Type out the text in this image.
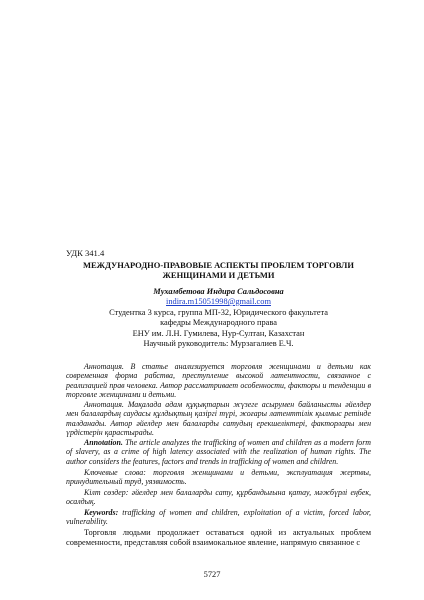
УДК 341.4
МЕЖДУНАРОДНО-ПРАВОВЫЕ АСПЕКТЫ ПРОБЛЕМ ТОРГОВЛИ
ЖЕНЩИНАМИ И ДЕТЬМИ
Мухамбетова Индира Сальдосовна
indira.m15051998@gmail.com
Студентка 3 курса, группа МП-32, Юридического факультета
кафедры Международного права
ЕНУ им. Л.Н. Гумилева, Нур-Султан, Казахстан
Научный руководитель: Мурзагалиев Е.Ч.
Аннотация. В статье анализируется торговля женщинами и детьми как современная форма рабства, преступление высокой латентности, связанное с реализацией прав человека. Автор рассматривает особенности, факторы и тенденции в торговле женщинами и детьми.
Аннотация. Мақалада адам құқықтарын жүзеге асырумен байланысты әйелдер мен балалардың саудасы құлдықтың қазіргі түрі, жоғары латенттілік қылмыс ретінде талданады. Автор әйелдер мен балаларды сатудың ерекшеліктері, факторлары мен үрдістерін қарастырады.
Annotation. The article analyzes the trafficking of women and children as a modern form of slavery, as a crime of high latency associated with the realization of human rights. The author considers the features, factors and trends in trafficking of women and children.
Ключевые слова: торговля женщинами и детьми, эксплуатация жертвы, принудительный труд, уязвимость.
Кілт сөздер: әйелдер мен балаларды сату, құрбандығына қатау, мәжбүрлі еңбек, осалдық.
Keywords: trafficking of women and children, exploitation of a victim, forced labor, vulnerability.
Торговля людьми продолжает оставаться одной из актуальных проблем современности, представляя собой взаимокальное явление, напрямую связанное с
5727
